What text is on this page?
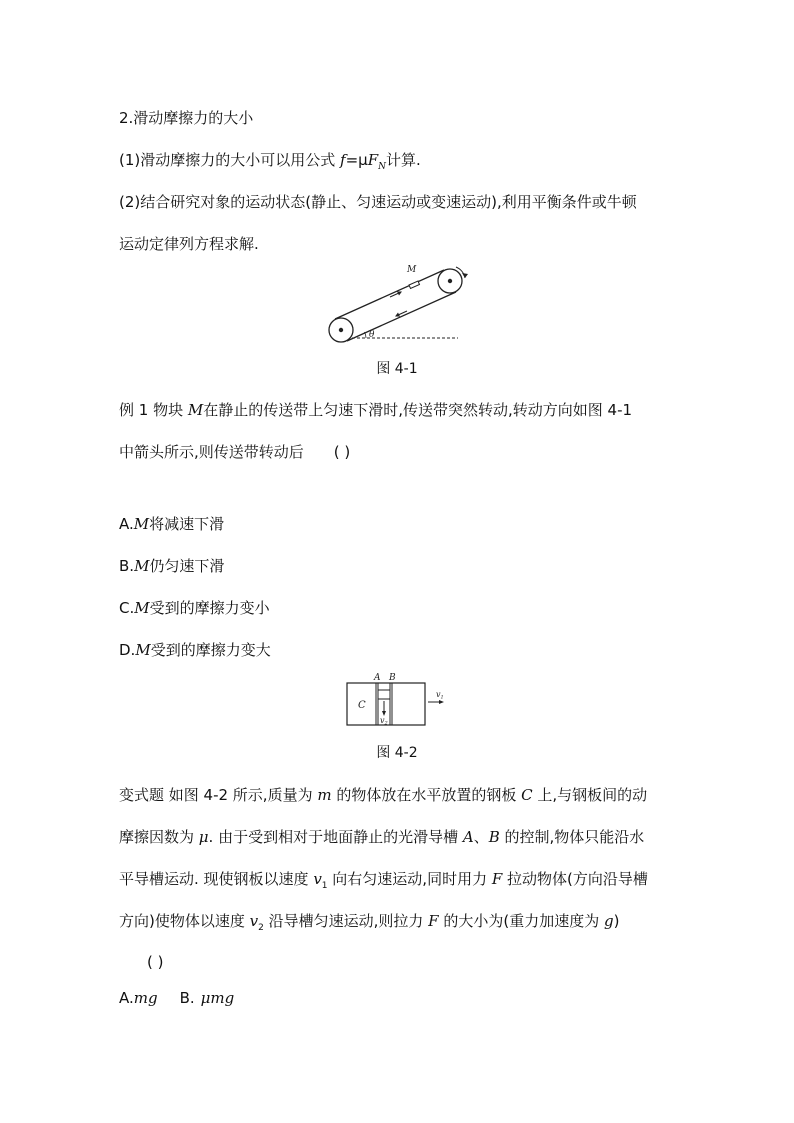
2.滑动摩擦力的大小
(1)滑动摩擦力的大小可以用公式 $f=\mu F_N$计算.
(2)结合研究对象的运动状态(静止、匀速运动或变速运动),利用平衡条件或牛顿
运动定律列方程求解.
M
θ
图 4-1
例 1 物块 M在静止的传送带上匀速下滑时,传送带突然转动,转动方向如图 4-1
中箭头所示,则传送带转动后 ( )
A.M将减速下滑
B.M仍匀速下滑
C.M受到的摩擦力变小
D.M受到的摩擦力变大
A B
C
v2
v1
图 4-2
变式题 如图 4-2 所示,质量为 m 的物体放在水平放置的钢板 C 上,与钢板间的动
摩擦因数为 μ. 由于受到相对于地面静止的光滑导槽 A、B 的控制,物体只能沿水
平导槽运动. 现使钢板以速度 $v_1$ 向右匀速运动,同时用力 F 拉动物体(方向沿导槽
方向)使物体以速度 $v_2$ 沿导槽匀速运动,则拉力 F 的大小为(重力加速度为 g)
( )
A.mg B. μmg
